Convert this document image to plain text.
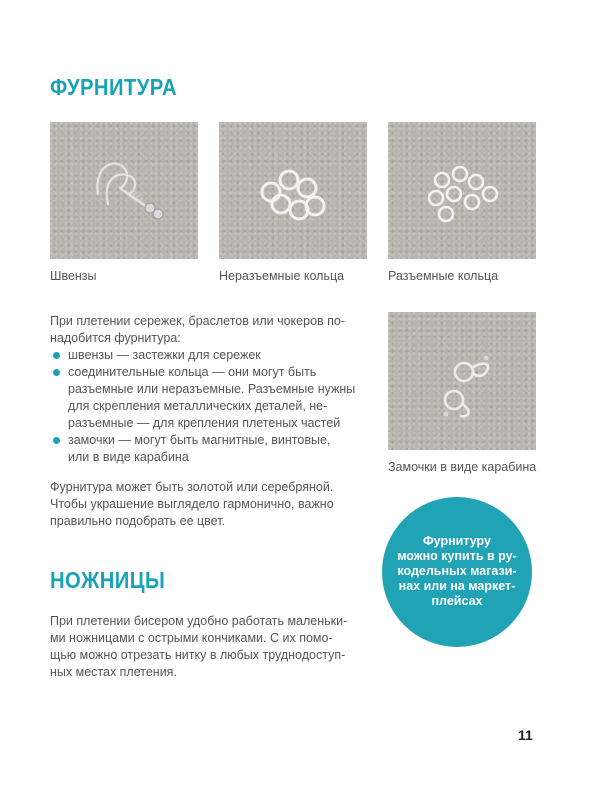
ФУРНИТУРА

Швензы	Неразъемные кольца	Разъемные кольца

При плетении сережек, браслетов или чокеров по-
надобится фурнитура:
швензы — застежки для сережек
соединительные кольца — они могут быть
разъемные или неразъемные. Разъемные нужны
для скрепления металлических деталей, не-
разъемные — для крепления плетеных частей
замочки — могут быть магнитные, винтовые,
или в виде карабина

Замочки в виде карабина

Фурнитура может быть золотой или серебряной.
Чтобы украшение выглядело гармонично, важно
правильно подобрать ее цвет.
НОЖНИЦЫ
При плетении бисером удобно работать маленьки-
ми ножницами с острыми кончиками. С их помо-
щью можно отрезать нитку в любых труднодоступ-
ных местах плетения.
Фурнитуру
можно купить в ру-
кодельных магази-
нах или на маркет-
плейсах

11
